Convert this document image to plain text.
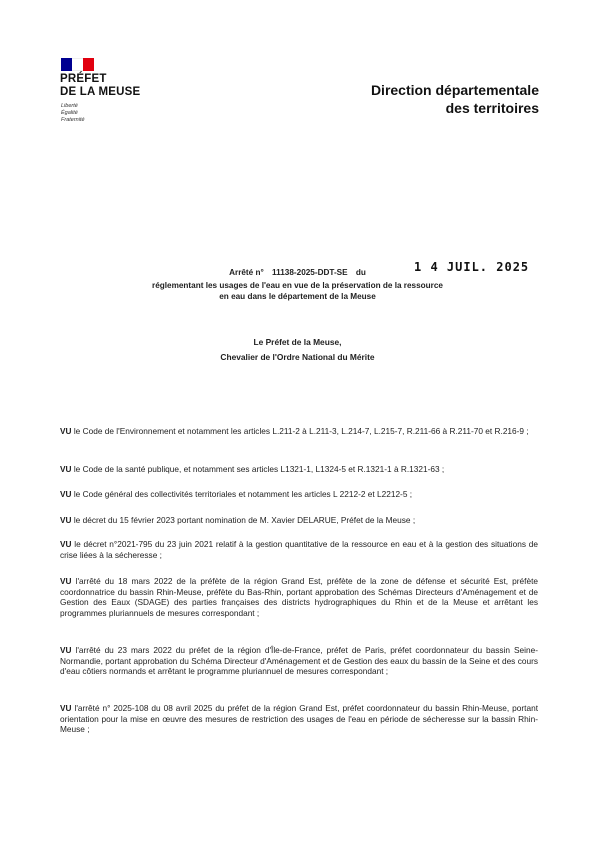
PRÉFET
DE LA MEUSE
Liberté
Égalité
Fraternité
Direction départementale
des territoires
1 4 JUIL. 2025
Arrêté n° 11138-2025-DDT-SE du
réglementant les usages de l'eau en vue de la préservation de la ressource
en eau dans le département de la Meuse
Le Préfet de la Meuse,
Chevalier de l'Ordre National du Mérite
VU le Code de l'Environnement et notamment les articles L.211-2 à L.211-3, L.214-7, L.215-7, R.211-66 à R.211-70 et R.216-9 ;
VU le Code de la santé publique, et notamment ses articles L1321-1, L1324-5 et R.1321-1 à R.1321-63 ;
VU le Code général des collectivités territoriales et notamment les articles L 2212-2 et L2212-5 ;
VU le décret du 15 février 2023 portant nomination de M. Xavier DELARUE, Préfet de la Meuse ;
VU le décret n°2021-795 du 23 juin 2021 relatif à la gestion quantitative de la ressource en eau et à la gestion des situations de crise liées à la sécheresse ;
VU l'arrêté du 18 mars 2022 de la préfète de la région Grand Est, préfète de la zone de défense et sécurité Est, préfète coordonnatrice du bassin Rhin-Meuse, préfète du Bas-Rhin, portant approbation des Schémas Directeurs d'Aménagement et de Gestion des Eaux (SDAGE) des parties françaises des districts hydrographiques du Rhin et de la Meuse et arrêtant les programmes pluriannuels de mesures correspondant ;
VU l'arrêté du 23 mars 2022 du préfet de la région d'Île-de-France, préfet de Paris, préfet coordonnateur du bassin Seine-Normandie, portant approbation du Schéma Directeur d'Aménagement et de Gestion des eaux du bassin de la Seine et des cours d'eau côtiers normands et arrêtant le programme pluriannuel de mesures correspondant ;
VU l'arrêté n° 2025-108 du 08 avril 2025 du préfet de la région Grand Est, préfet coordonnateur du bassin Rhin-Meuse, portant orientation pour la mise en œuvre des mesures de restriction des usages de l'eau en période de sécheresse sur la bassin Rhin-Meuse ;
